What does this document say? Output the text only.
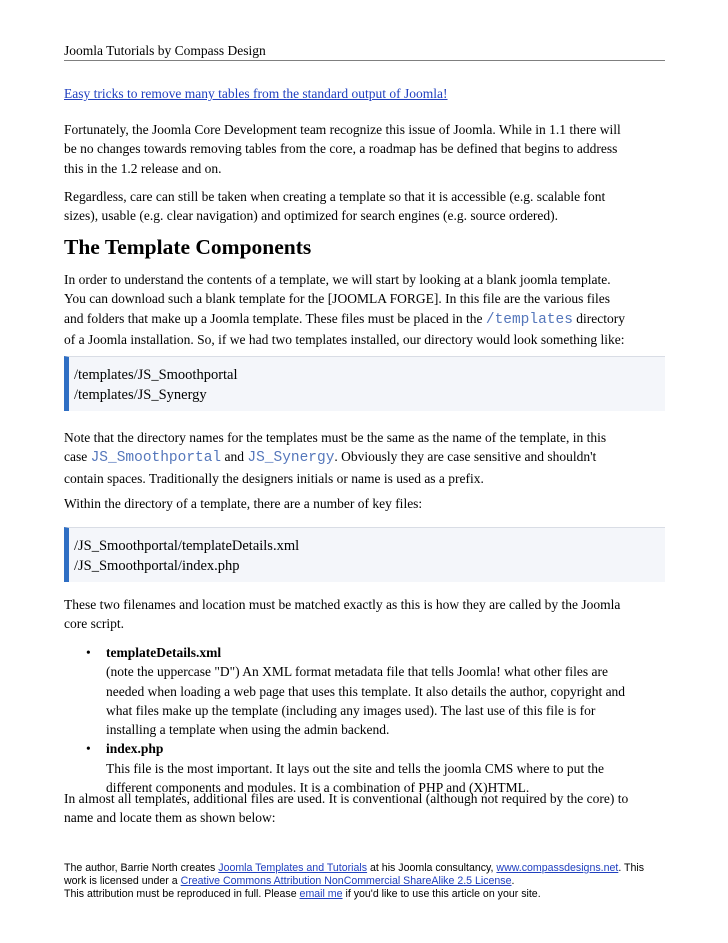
Joomla Tutorials by Compass Design
Easy tricks to remove many tables from the standard output of Joomla!
Fortunately, the Joomla Core Development team recognize this issue of Joomla. While in 1.1 there will
be no changes towards removing tables from the core, a roadmap has be defined that begins to address
this in the 1.2 release and on.
Regardless, care can still be taken when creating a template so that it is accessible (e.g. scalable font
sizes), usable (e.g. clear navigation) and optimized for search engines (e.g. source ordered).
The Template Components
In order to understand the contents of a template, we will start by looking at a blank joomla template.
You can download such a blank template for the [JOOMLA FORGE]. In this file are the various files
and folders that make up a Joomla template. These files must be placed in the /templates directory
of a Joomla installation. So, if we had two templates installed, our directory would look something like:
/templates/JS_Smoothportal
/templates/JS_Synergy
Note that the directory names for the templates must be the same as the name of the template, in this
case JS_Smoothportal and JS_Synergy. Obviously they are case sensitive and shouldn't
contain spaces. Traditionally the designers initials or name is used as a prefix.
Within the directory of a template, there are a number of key files:
/JS_Smoothportal/templateDetails.xml
/JS_Smoothportal/index.php
These two filenames and location must be matched exactly as this is how they are called by the Joomla
core script.
• templateDetails.xml
(note the uppercase "D") An XML format metadata file that tells Joomla! what other files are
needed when loading a web page that uses this template. It also details the author, copyright and
what files make up the template (including any images used). The last use of this file is for
installing a template when using the admin backend.
• index.php
This file is the most important. It lays out the site and tells the joomla CMS where to put the
different components and modules. It is a combination of PHP and (X)HTML.
In almost all templates, additional files are used. It is conventional (although not required by the core) to
name and locate them as shown below:
The author, Barrie North creates Joomla Templates and Tutorials at his Joomla consultancy, www.compassdesigns.net. This
work is licensed under a Creative Commons Attribution NonCommercial ShareAlike 2.5 License.
This attribution must be reproduced in full. Please email me if you'd like to use this article on your site.
